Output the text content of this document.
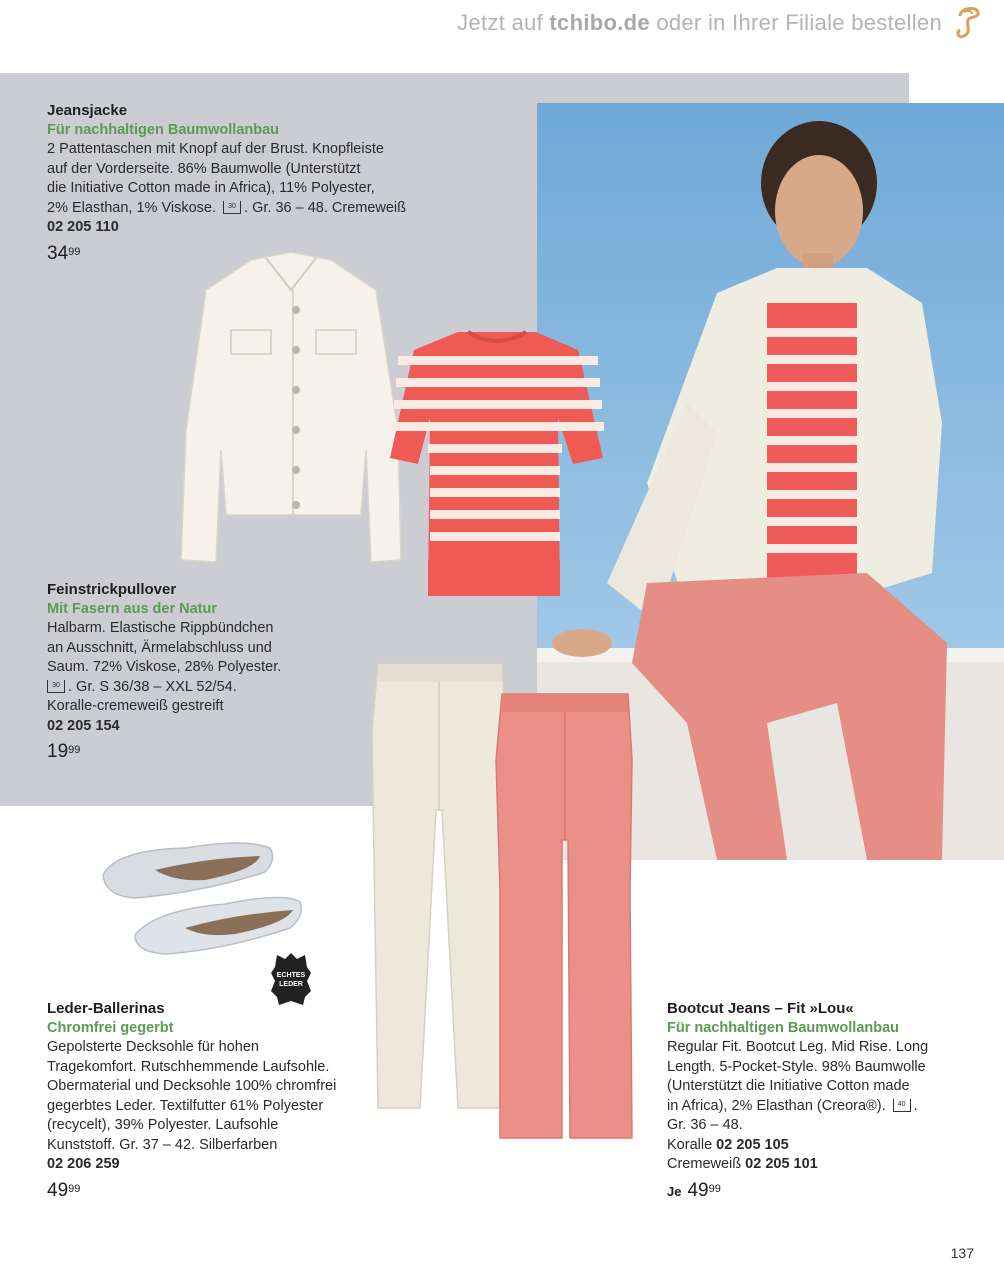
Jetzt auf tchibo.de oder in Ihrer Filiale bestellen
ECHTES
LEDER
Jeansjacke
Für nachhaltigen Baumwollanbau
2 Pattentaschen mit Knopf auf der Brust. Knopfleiste
auf der Vorderseite. 86% Baumwolle (Unterstützt
die Initiative Cotton made in Africa), 11% Polyester,
2% Elasthan, 1% Viskose. 30 . Gr. 36 – 48. Cremeweiß
02 205 110
$34^{99}$
Feinstrickpullover
Mit Fasern aus der Natur
Halbarm. Elastische Rippbündchen
an Ausschnitt, Ärmelabschluss und
Saum. 72% Viskose, 28% Polyester.
30 . Gr. S 36/38 – XXL 52/54.
Koralle-cremeweiß gestreift
02 205 154
$19^{99}$
Leder-Ballerinas
Chromfrei gegerbt
Gepolsterte Decksohle für hohen
Tragekomfort. Rutschhemmende Laufsohle.
Obermaterial und Decksohle 100% chromfrei
gegerbtes Leder. Textilfutter 61% Polyester
(recycelt), 39% Polyester. Laufsohle
Kunststoff. Gr. 37 – 42. Silberfarben
02 206 259
$49^{99}$
Bootcut Jeans – Fit »Lou«
Für nachhaltigen Baumwollanbau
Regular Fit. Bootcut Leg. Mid Rise. Long
Length. 5-Pocket-Style. 98% Baumwolle
(Unterstützt die Initiative Cotton made
in Africa), 2% Elasthan (Creora®). 40 .
Gr. 36 – 48.
Koralle 02 205 105
Cremeweiß 02 205 101
Je $49^{99}$
137
